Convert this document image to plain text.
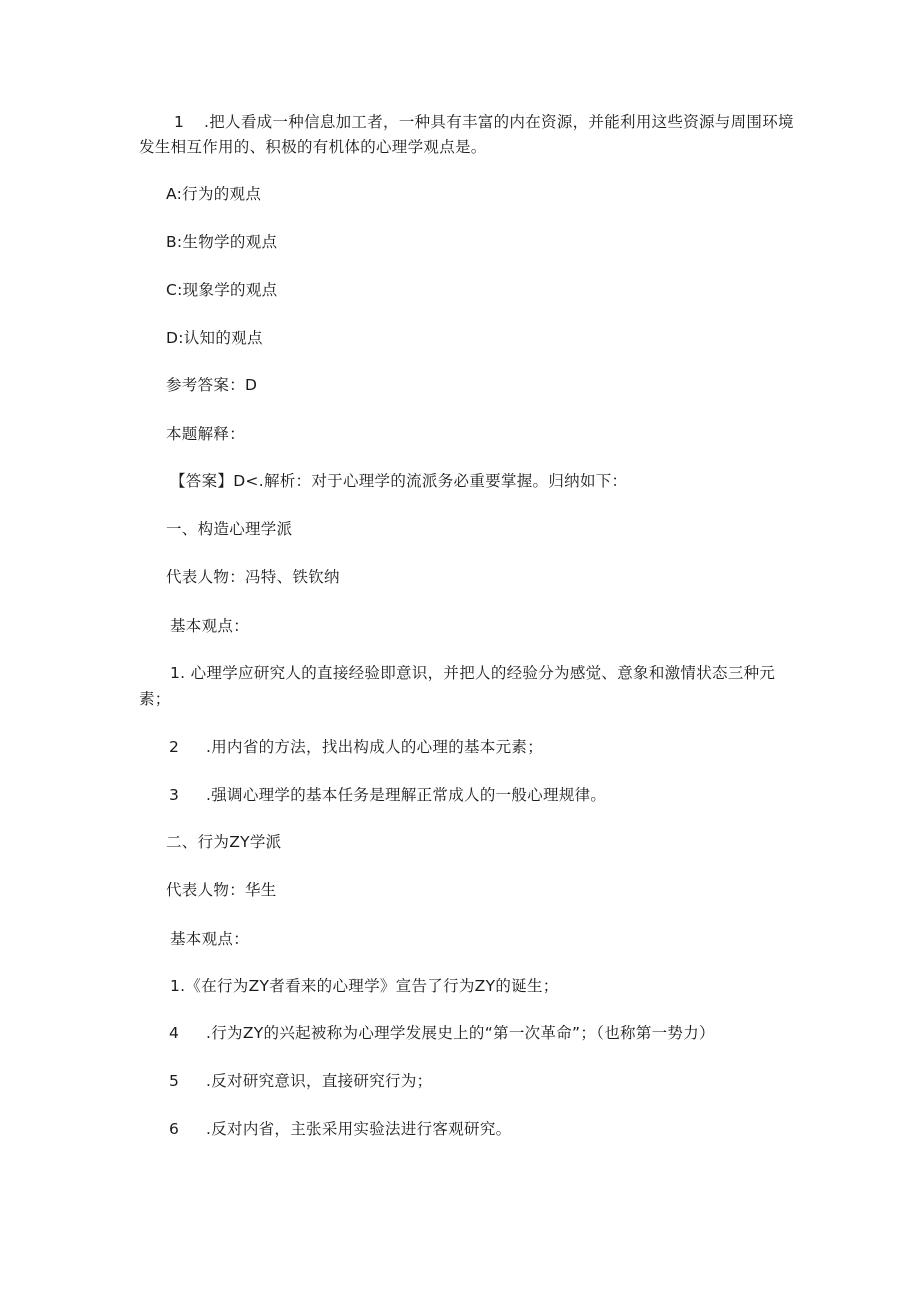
1 .把人看成一种信息加工者，一种具有丰富的内在资源，并能利用这些资源与周围环境
发生相互作用的、积极的有机体的心理学观点是。
A:行为的观点
B:生物学的观点
C:现象学的观点
D:认知的观点
参考答案：D
本题解释：
【答案】D<.解析：对于心理学的流派务必重要掌握。归纳如下：
一、构造心理学派
代表人物：冯特、铁钦纳
基本观点：
1. 心理学应研究人的直接经验即意识，并把人的经验分为感觉、意象和激情状态三种元
素；
2 .用内省的方法，找出构成人的心理的基本元素；
3 .强调心理学的基本任务是理解正常成人的一般心理规律。
二、行为ZY学派
代表人物：华生
基本观点：
1.《在行为ZY者看来的心理学》宣告了行为ZY的诞生；
4 .行为ZY的兴起被称为心理学发展史上的“第一次革命”；（也称第一势力）
5 .反对研究意识，直接研究行为；
6 .反对内省，主张采用实验法进行客观研究。
